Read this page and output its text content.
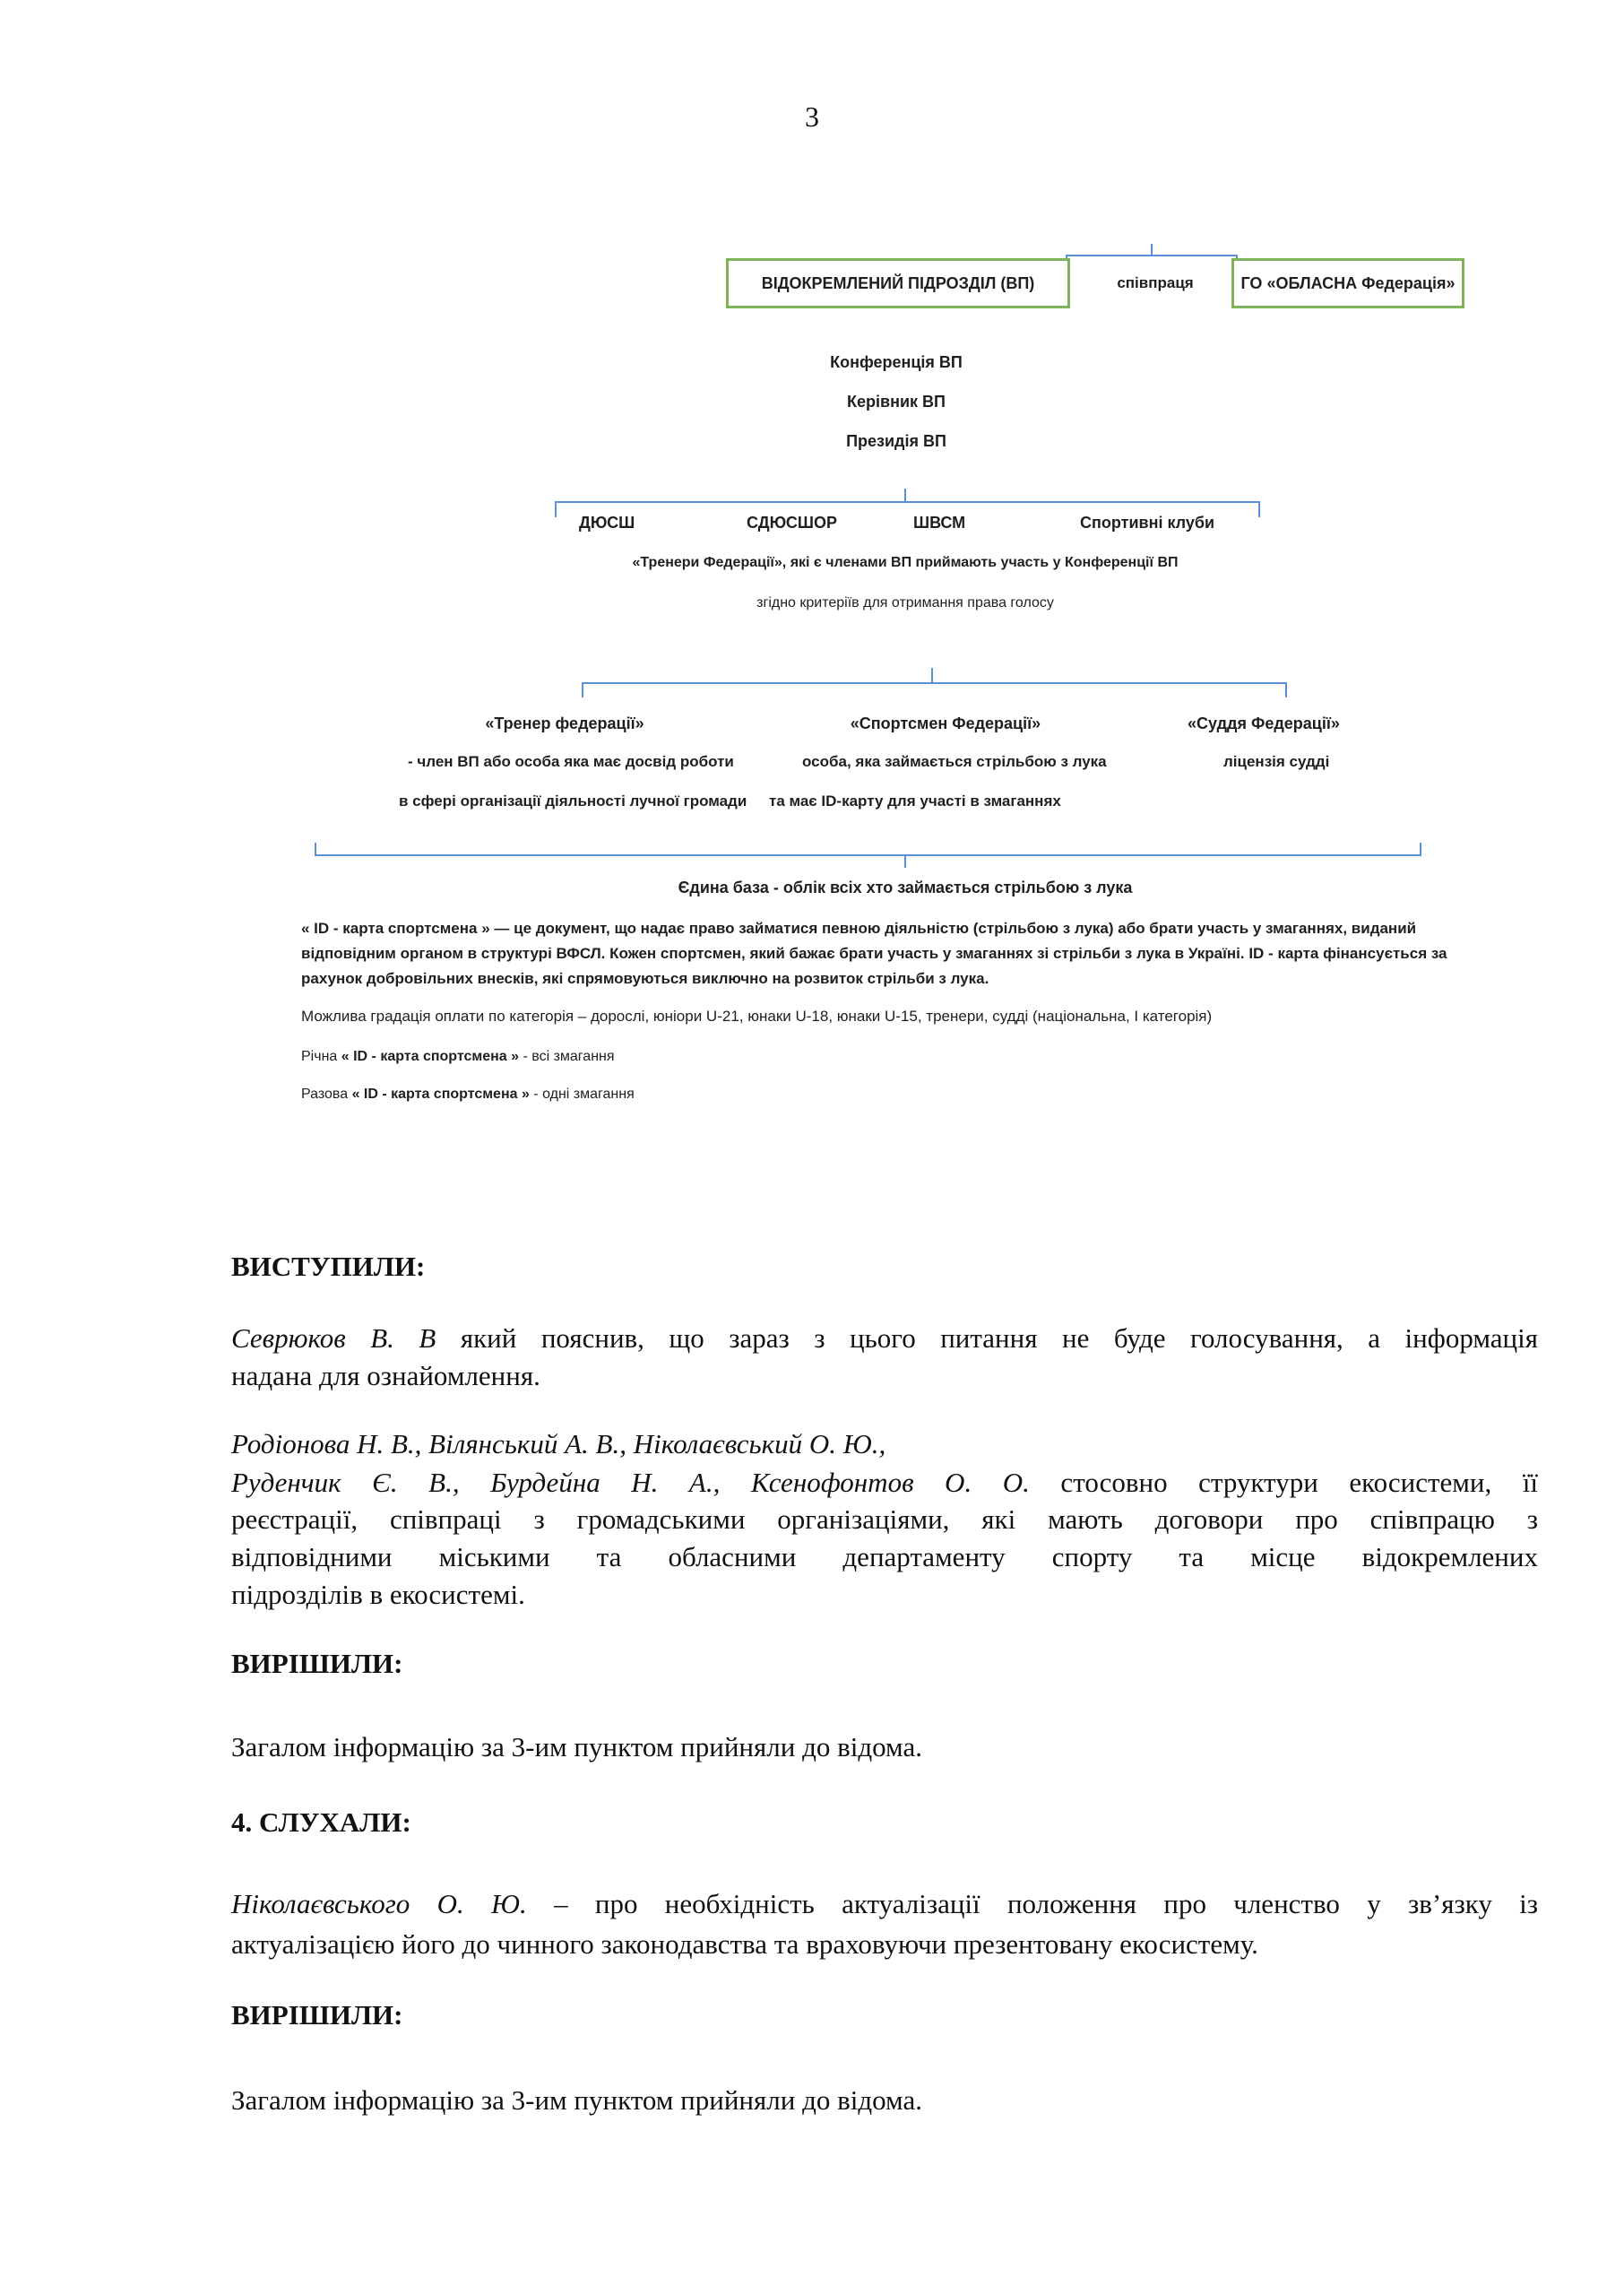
3
ВІДОКРЕМЛЕНИЙ ПІДРОЗДІЛ (ВП)	співпраця	ГО «ОБЛАСНА Федерація»
Конференція ВП
Керівник ВП
Президія ВП
ДЮСШ	СДЮСШОР	ШВСМ	Спортивні клуби
«Тренери Федерації», які є членами ВП приймають участь у Конференції ВП
згідно критеріїв для отримання права голосу
«Тренер федерації»
- член ВП або особа яка має досвід роботи
в сфері організації діяльності лучної громади
«Спортсмен Федерації»
особа, яка займається стрільбою з лука
та має ID-карту для участі в змаганнях
«Суддя Федерації»
ліцензія судді
Єдина база - облік всіх хто займається стрільбою з лука
« ID - карта спортсмена » — це документ, що надає право займатися певною діяльністю (стрільбою з лука) або брати участь у змаганнях, виданий відповідним органом в структурі ВФСЛ. Кожен спортсмен, який бажає брати участь у змаганнях зі стрільби з лука в Україні. ID - карта фінансується за рахунок добровільних внесків, які спрямовуються виключно на розвиток стрільби з лука.
Можлива градація оплати по категорія – дорослі, юніори U-21, юнаки U-18, юнаки U-15, тренери, судді (національна, І категорія)
Річна « ID - карта спортсмена » - всі змагання
Разова « ID - карта спортсмена » - одні змагання
ВИСТУПИЛИ:
Севрюков В. В який пояснив, що зараз з цього питання не буде голосування, а інформація
надана для ознайомлення.
Родіонова Н. В., Вілянський А. В., Ніколаєвський О. Ю.,
Руденчик Є. В., Бурдейна Н. А., Ксенофонтов О. О. стосовно структури екосистеми, її
реєстрації, співпраці з громадськими організаціями, які мають договори про співпрацю з
відповідними міськими та обласними департаменту спорту та місце відокремлених
підрозділів в екосистемі.
ВИРІШИЛИ:
Загалом інформацію за 3-им пунктом прийняли до відома.
4. СЛУХАЛИ:
Ніколаєвського О. Ю. – про необхідність актуалізації положення про членство у зв’язку із
актуалізацією його до чинного законодавства та враховуючи презентовану екосистему.
ВИРІШИЛИ:
Загалом інформацію за 3-им пунктом прийняли до відома.
